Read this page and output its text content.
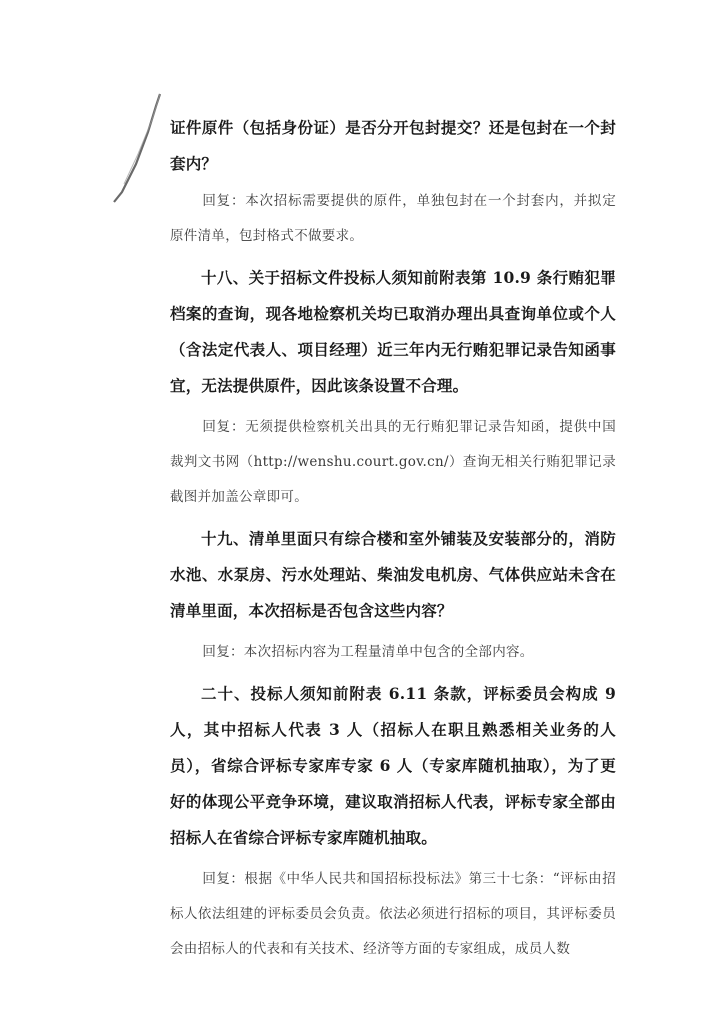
证件原件（包括身份证）是否分开包封提交？还是包封在一个封套内？

回复：本次招标需要提供的原件，单独包封在一个封套内，并拟定原件清单，包封格式不做要求。

十八、关于招标文件投标人须知前附表第 10.9 条行贿犯罪档案的查询，现各地检察机关均已取消办理出具查询单位或个人（含法定代表人、项目经理）近三年内无行贿犯罪记录告知函事宜，无法提供原件，因此该条设置不合理。

回复：无须提供检察机关出具的无行贿犯罪记录告知函，提供中国裁判文书网（http://wenshu.court.gov.cn/）查询无相关行贿犯罪记录截图并加盖公章即可。

十九、清单里面只有综合楼和室外铺装及安装部分的，消防水池、水泵房、污水处理站、柴油发电机房、气体供应站未含在清单里面，本次招标是否包含这些内容？

回复：本次招标内容为工程量清单中包含的全部内容。

二十、投标人须知前附表 6.11 条款，评标委员会构成 9 人，其中招标人代表 3 人（招标人在职且熟悉相关业务的人员），省综合评标专家库专家 6 人（专家库随机抽取），为了更好的体现公平竞争环境，建议取消招标人代表，评标专家全部由招标人在省综合评标专家库随机抽取。

回复：根据《中华人民共和国招标投标法》第三十七条：“评标由招标人依法组建的评标委员会负责。依法必须进行招标的项目，其评标委员会由招标人的代表和有关技术、经济等方面的专家组成，成员人数
